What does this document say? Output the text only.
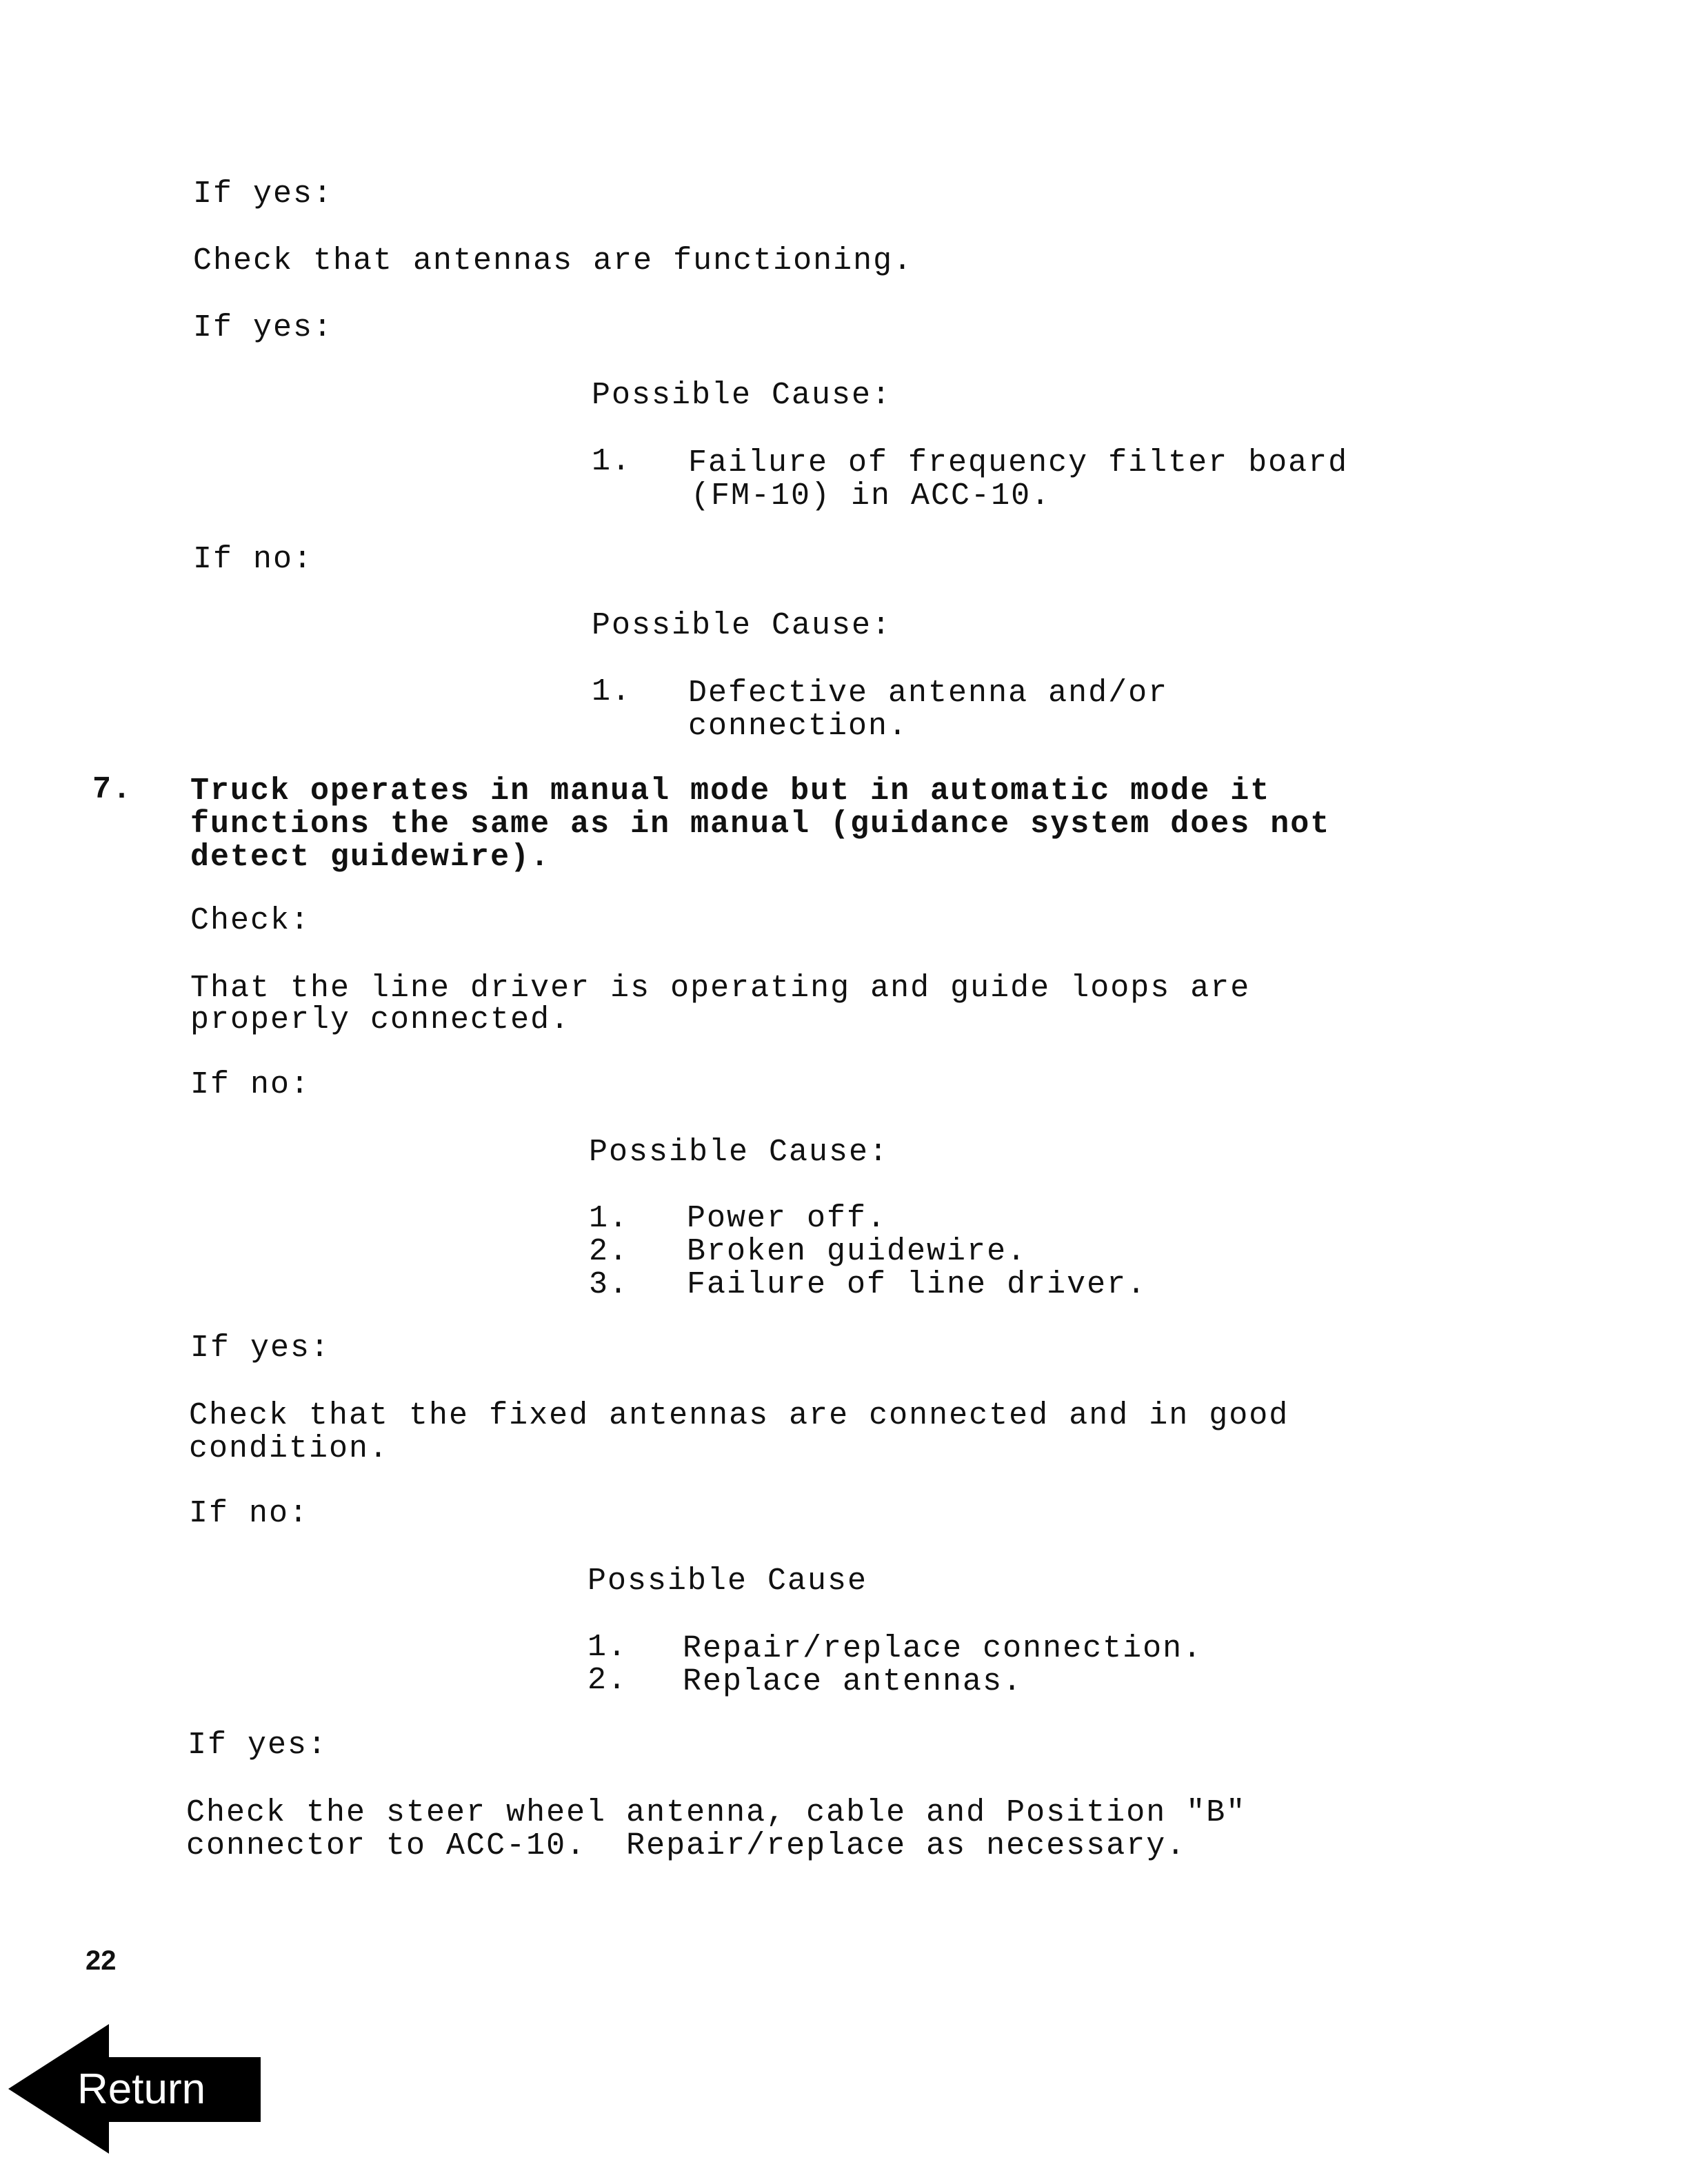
If yes:
Check that antennas are functioning.
If yes:
Possible Cause:
1. Failure of frequency filter board
(FM-10) in ACC-10.
If no:
Possible Cause:
1. Defective antenna and/or
connection.
7. Truck operates in manual mode but in automatic mode it
functions the same as in manual (guidance system does not
detect guidewire).
Check:
That the line driver is operating and guide loops are
properly connected.
If no:
Possible Cause:
1. Power off.
2. Broken guidewire.
3. Failure of line driver.
If yes:
Check that the fixed antennas are connected and in good
condition.
If no:
Possible Cause
1. Repair/replace connection.
2. Replace antennas.
If yes:
Check the steer wheel antenna, cable and Position "B"
connector to ACC-10.  Repair/replace as necessary.
22
Return
